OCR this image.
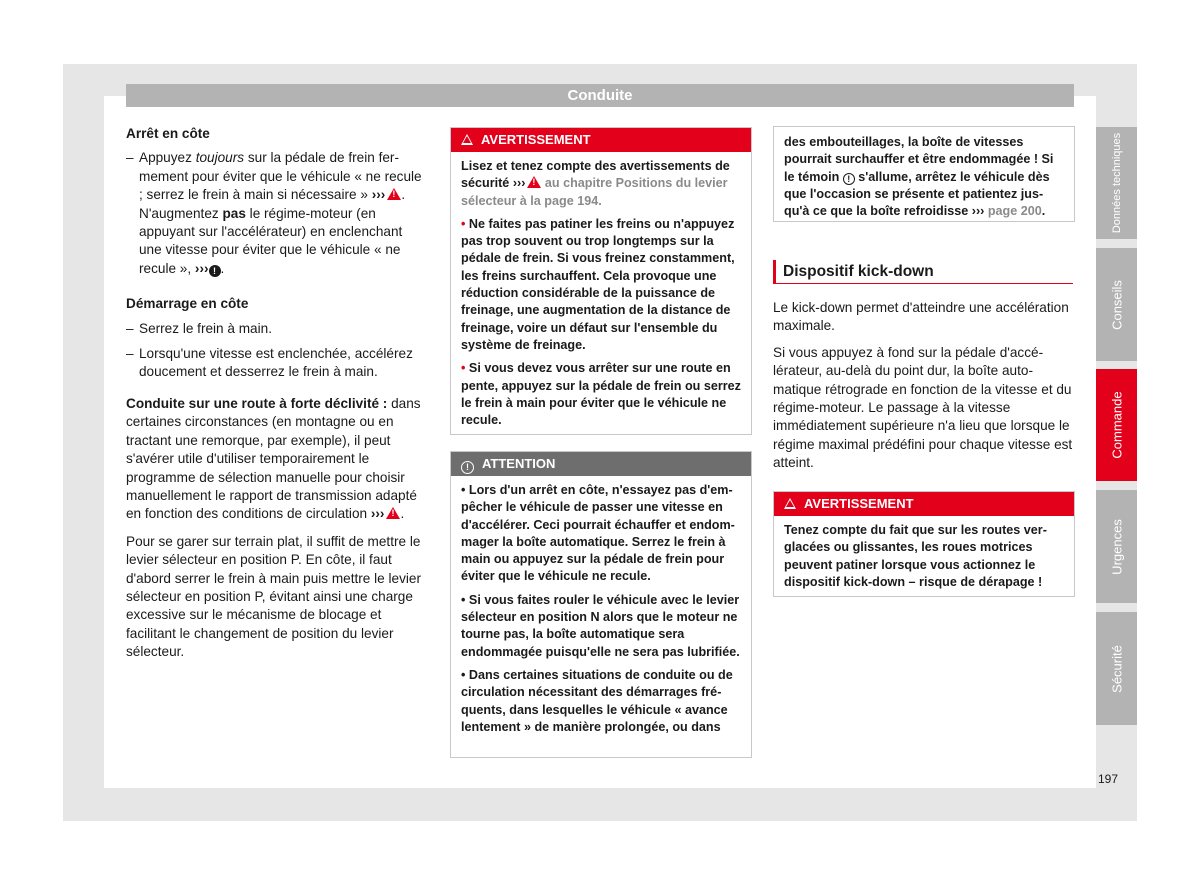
Conduite
Arrêt en côte
– Appuyez toujours sur la pédale de frein fermement pour éviter que le véhicule « ne recule ; serrez le frein à main si nécessaire » ›››! . N'augmentez pas le régime-moteur (en appuyant sur l'accélérateur) en enclenchant une vitesse pour éviter que le véhicule « ne recule », ››› ! .
Démarrage en côte
– Serrez le frein à main.
– Lorsqu'une vitesse est enclenchée, accélérez doucement et desserrez le frein à main.

Conduite sur une route à forte déclivité : dans certaines circonstances (en montagne ou en tractant une remorque, par exemple), il peut s'avérer utile d'utiliser temporairement le programme de sélection manuelle pour choisir manuellement le rapport de transmission adapté en fonction des conditions de circulation ›››! .

Pour se garer sur terrain plat, il suffit de mettre le levier sélecteur en position P. En côte, il faut d'abord serrer le frein à main puis mettre le levier sélecteur en position P, évitant ainsi une charge excessive sur le mécanisme de blocage et facilitant le changement de position du levier sélecteur.

AVERTISSEMENT

Lisez et tenez compte des avertissements de sécurité ›››! au chapitre Positions du levier sélecteur à la page 194.

• Ne faites pas patiner les freins ou n'appuyez pas trop souvent ou trop longtemps sur la pédale de frein. Si vous freinez constamment, les freins surchauffent. Cela provoque une réduction considérable de la puissance de freinage, une augmentation de la distance de freinage, voire un défaut sur l'ensemble du système de freinage.

• Si vous devez vous arrêter sur une route en pente, appuyez sur la pédale de frein ou serrez le frein à main pour éviter que le véhicule ne recule.

! ATTENTION

• Lors d'un arrêt en côte, n'essayez pas d'empêcher le véhicule de passer une vitesse en d'accélérer. Ceci pourrait échauffer et endommager la boîte automatique. Serrez le frein à main ou appuyez sur la pédale de frein pour éviter que le véhicule ne recule.

• Si vous faites rouler le véhicule avec le levier sélecteur en position N alors que le moteur ne tourne pas, la boîte automatique sera endommagée puisqu'elle ne sera pas lubrifiée.

• Dans certaines situations de conduite ou de circulation nécessitant des démarrages fréquents, dans lesquelles le véhicule « avance lentement » de manière prolongée, ou dans

des embouteillages, la boîte de vitesses pourrait surchauffer et être endommagée ! Si le témoin ! s'allume, arrêtez le véhicule dès que l'occasion se présente et patientez jusqu'à ce que la boîte refroidisse ››› page 200.
Dispositif kick-down

Le kick-down permet d'atteindre une accélération maximale.

Si vous appuyez à fond sur la pédale d'accélérateur, au-delà du point dur, la boîte automatique rétrograde en fonction de la vitesse et du régime-moteur. Le passage à la vitesse immédiatement supérieure n'a lieu que lorsque le régime maximal prédéfini pour chaque vitesse est atteint.

AVERTISSEMENT
Tenez compte du fait que sur les routes verglacées ou glissantes, les roues motrices peuvent patiner lorsque vous actionnez le dispositif kick-down – risque de dérapage !
Données techniques
Conseils
Commande
Urgences
Sécurité
197
